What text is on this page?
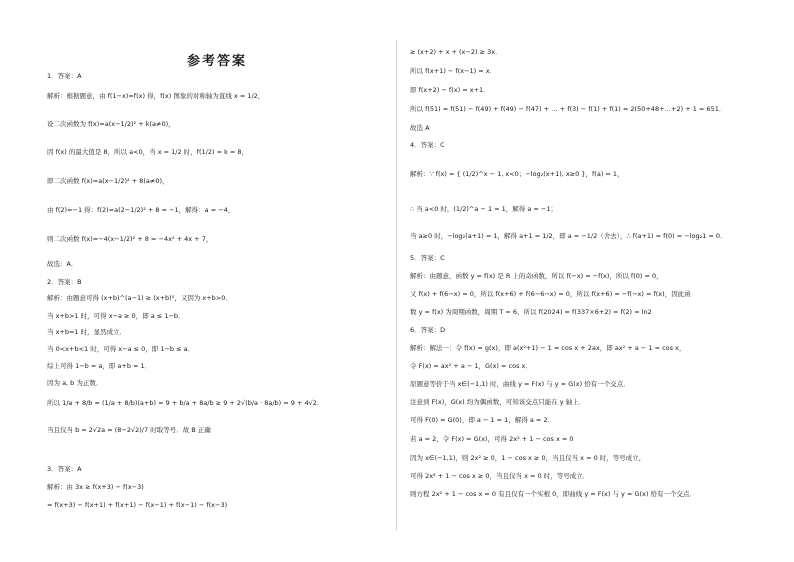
参考答案
1．答案：A
解析：根据题意，由 f(1−x)=f(x) 得，f(x) 图象的对称轴为直线 x = 1/2，
设二次函数为 f(x)=a(x−1/2)² + k(a≠0)，
因 f(x) 的最大值是 8，所以 a<0，当 x = 1/2 时，f(1/2) = k = 8，
即二次函数 f(x)=a(x−1/2)² + 8(a≠0)，
由 f(2)=−1 得：f(2)=a(2−1/2)² + 8 = −1，解得：a = −4，
则二次函数 f(x)=−4(x−1/2)² + 8 = −4x² + 4x + 7，
故选：A．
2．答案：B
解析：由题意可得 (x+b)^(a−1) ≥ (x+b)⁰，又因为 x+b>0．
当 x+b>1 时，可得 x−a ≥ 0，即 a ≤ 1−b．
当 x+b=1 时，显然成立．
当 0<x+b<1 时，可得 x−a ≤ 0，即 1−b ≤ a．
综上可得 1−b = a，即 a+b = 1．
因为 a, b 为正数．
所以 1/a + 8/b = (1/a + 8/b)(a+b) = 9 + b/a + 8a/b ≥ 9 + 2√(b/a · 8a/b) = 9 + 4√2．
当且仅当 b = 2√2a = (8−2√2)/7 时取等号．故 B 正确
3．答案：A
解析：由 3x ≥ f(x+3) − f(x−3)
= f(x+3) − f(x+1) + f(x+1) − f(x−1) + f(x−1) − f(x−3)
≥ (x+2) + x + (x−2) ≥ 3x．
所以 f(x+1) − f(x−1) = x．
即 f(x+2) − f(x) = x+1．
所以 f(51) = f(51) − f(49) + f(49) − f(47) + … + f(3) − f(1) + f(1) = 2(50+48+…+2) + 1 = 651．
故选 A
4．答案：C
解析：∵ f(x) = { (1/2)^x − 1, x<0；−log₂(x+1), x≥0 }，f(a) = 1，
∴ 当 a<0 时，(1/2)^a − 1 = 1，解得 a = −1；
当 a≥0 时，−log₂(a+1) = 1，解得 a+1 = 1/2，即 a = −1/2（舍去），∴ f(a+1) = f(0) = −log₂1 = 0．
5．答案：C
解析：由题意，函数 y = f(x) 是 R 上的奇函数，所以 f(−x) = −f(x)，所以 f(0) = 0，
又 f(x) + f(6−x) = 0，所以 f(x+6) + f(6−6−x) = 0，所以 f(x+6) = −f(−x) = f(x)，因此函
数 y = f(x) 为周期函数，周期 T = 6，所以 f(2024) = f(337×6+2) = f(2) = ln2
6．答案：D
解析：解法一：令 f(x) = g(x)，即 a(x²+1) − 1 = cos x + 2ax，即 ax² + a − 1 = cos x，
令 F(x) = ax² + a − 1，G(x) = cos x．
原题意等价于当 x∈(−1,1) 时，曲线 y = F(x) 与 y = G(x) 恰有一个交点．
注意到 F(x)，G(x) 均为偶函数，可知该交点只能在 y 轴上．
可得 F(0) = G(0)，即 a − 1 = 1，解得 a = 2．
若 a = 2，令 F(x) = G(x)，可得 2x² + 1 − cos x = 0
因为 x∈(−1,1)，则 2x² ≥ 0，1 − cos x ≥ 0，当且仅当 x = 0 时，等号成立，
可得 2x² + 1 − cos x ≥ 0，当且仅当 x = 0 时，等号成立．
则方程 2x² + 1 − cos x = 0 有且仅有一个实根 0，即曲线 y = F(x) 与 y = G(x) 恰有一个交点．
